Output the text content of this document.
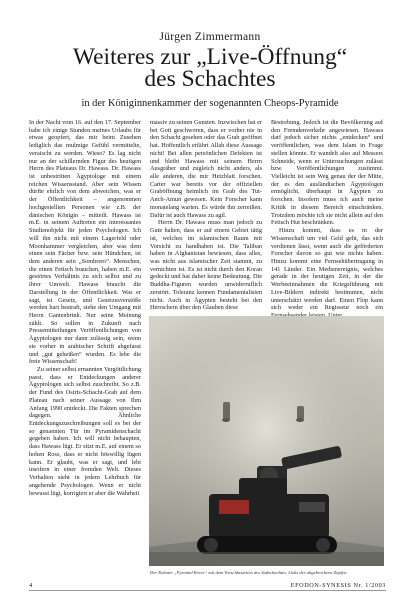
Jürgen Zimmermann
Weiteres zur „Live-Öffnung“
des Schachtes
in der Königinnenkammer der sogenannten Cheops-Pyramide

In der Nacht vom 16. auf den 17. September habe ich einige Stunden meines Urlaubs für etwas geopfert, das mir beim Zusehen lediglich das mulmige Gefühl vermittelte, veraischt zu werden. Wieso? Es lag nicht nur an der schillernden Figur des heutigen Herrn des Plateaus Dr. Hawass. Dr. Hawass ist unbestritten Ägyptologe mit einem reichen Wissensstand. Aber sein Wissen dürfte ehrlich von dem abweichen, was er der Öffentlichkeit – angenommen hochgestellten Personen wie z.B. der dänischen Königin – mitteilt. Hawass ist m.E. in seinem Auftreten ein interessantes Studienobjekt für jeden Psychologen. Ich will ihn nicht mit einem Lagerfeld oder Moonhammer vergleichen, aber was dem einen sein Fächer bzw. sein Hündchen, ist dem anderen sein „Sombrero“. Menschen, die einen Fetisch brauchen, haben m.E. ein gestörtes Verhältnis zu sich selbst und zu ihrer Umwelt. Hawass braucht die Darstellung in der Öffentlichkeit. Was er sagt, ist Gesetz, und Gesetzesverstöße werden hart bestraft, siehe den Umgang mit Herrn Gantenbrink. Nur seine Meinung zählt. So sollen in Zukunft nach Pressemitteilungen Veröffentlichungen von Ägyptologen nur dann zulässig sein, wenn sie vorher in arabischer Schrift abgefasst und „gut geheißen“ wurden. Es lebe die freie Wissenschaft!

Zu seiner selbst ernannten Vergöttlichung passt, dass er Entdeckungen anderer Ägyptologen sich selbst zuschreibt. So z.B. der Fund des Osiris-Schacht-Grab auf dem Plateau nach seiner Aussage von Ihm Anfang 1990 entdeckt. Die Fakten sprechen dagegen. Ähnliche Entdeckungszuschreibungen soll es bei der so genannten Tür im Pyramidenschacht gegeben haben. Ich will nicht behaupten, dass Hawass lügt. Er sitzt m.E. auf einem so hohen Ross, dass er nicht böswillig lügen kann. Er glaubt, was er sagt, und lebt insofern in einer fremden Welt. Dieses Verhalten steht in jedem Lehrbuch für angehende Psychologen. Wenn er nicht bewusst lügt, korrigiert er aber die Wahrheit

massiv zu seinen Gunsten. Inzwischen hat er bei Gott geschworen, dass er vorher nie in den Schacht gesehen oder das Grab geöffnet hat. Hoffentlich erfährt Allah diese Aussage nicht! Bei allen persönlichen Defekten ist und bleibt Hawass mit seinem Herrn Ausgräber und zugleich nicht anders, als alle anderen, die mir Hetzblatt forschen. Carter war bereits vor der offiziellen Graböffnung heimlich im Grab des Tut-Anch-Amun gewesen. Kein Forscher kann monatelang warten. Es würde ihn zerreißen. Dafür ist auch Hawass zu agil.

Herrn Dr. Hawass muss man jedoch zu Gute halten, dass er auf einem Gebiet tätig ist, welches im islamischen Raum mit Vorsicht zu handhaben ist. Die Taliban haben in Afghanistan bewiesen, dass alles, was nicht aus islamischer Zeit stammt, zu vernichten ist. Es ist nicht durch den Koran gedeckt und hat daher keine Bedeutung. Die Buddha-Figuren wurden unwiderruflich zerstört. Toleranz kennen Fundamentalisten nicht. Auch in Ägypten besteht bei den Herrschern über den Glauben diese

Bestrebung. Jedoch ist die Bevölkerung auf den Fremdenverkehr angewiesen. Hawass darf jedoch sicher nichts „entdecken“ und veröffentlichen, was dem Islam in Frage stellen könnte. Er wandelt also auf Messers Schneide, wenn er Untersuchungen zulässt bzw. Veröffentlichungen zustimmt. Vielleicht ist sein Weg genau der der Mitte, der es den ausländischen Ägyptologen ermöglicht, überhaupt in Ägypten zu forschen. Insofern muss ich auch meine Kritik in diesem Bereich einschränken. Trotzdem möchte ich sie nicht allein auf den Fetisch Hut beschränken.

Hinzu kommt, dass es in der Wissenschaft um viel Geld geht, das sich verdienen lässt, wenn auch die geförderten Forscher davon so gut wie nichts haben. Hinzu kommt eine Fernsehübertragung in 141 Länder. Ein Medienereignis, welches gerade in der heutigen Zeit, in der die Werbeeinnahmen die Kriegsführung mit Live-Bildern indirekt bestimmen, nicht unterschätzt werden darf. Einen Flop kann sich weder ein Regisseur noch ein

Der Roboter „Pyramid Rover“ mit dem Vorschlaszeiten des Südschachtes. Links der abgebrochene Zapfen.
4	EFODON-SYNESIS Nr. 1/2003
